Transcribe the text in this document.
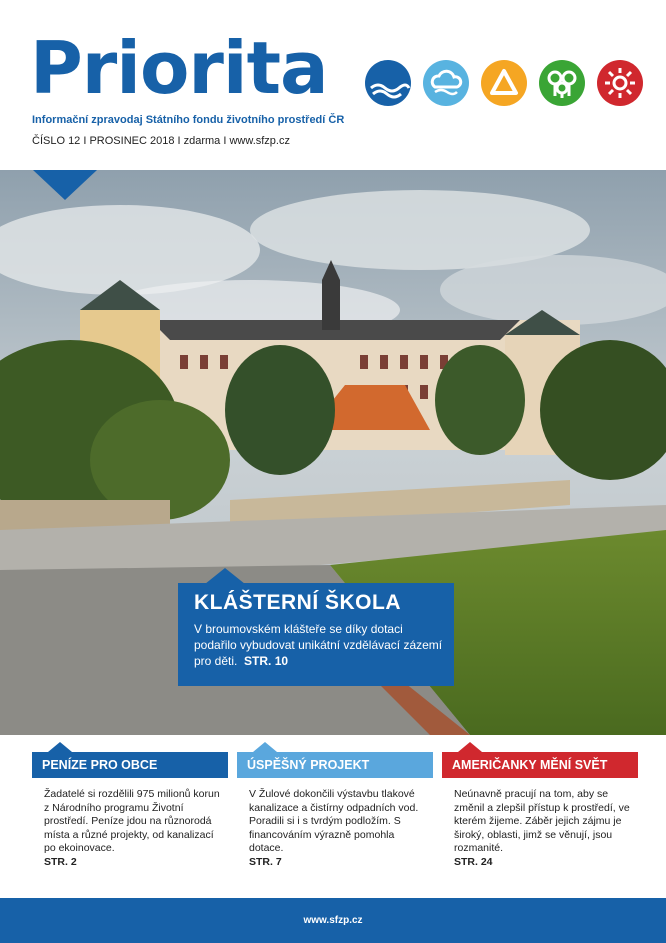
Priorita
Informační zpravodaj Státního fondu životního prostředí ČR
ČÍSLO 12 I PROSINEC 2018 I zdarma I www.sfzp.cz
KLÁŠTERNÍ ŠKOLA

V broumovském klášteře se díky dotaci podařilo vybudovat unikátní vzdělávací zázemí pro děti. STR. 10

PENÍZE PRO OBCE

Žadatelé si rozdělili 975 milionů korun z Národního programu Životní prostředí. Peníze jdou na různorodá místa a různé projekty, od kanalizací po ekoinovace.

STR. 2
ÚSPĚŠNÝ PROJEKT

V Žulové dokončili výstavbu tlakové kanalizace a čistírny odpadních vod. Poradili si i s tvrdým podložím. S financováním výrazně pomohla dotace.

STR. 7
AMERIČANKY MĚNÍ SVĚT

Neúnavně pracují na tom, aby se změnil a zlepšil přístup k prostředí, ve kterém žijeme. Záběr jejich zájmu je široký, oblasti, jimž se věnují, jsou rozmanité.

STR. 24
www.sfzp.cz
